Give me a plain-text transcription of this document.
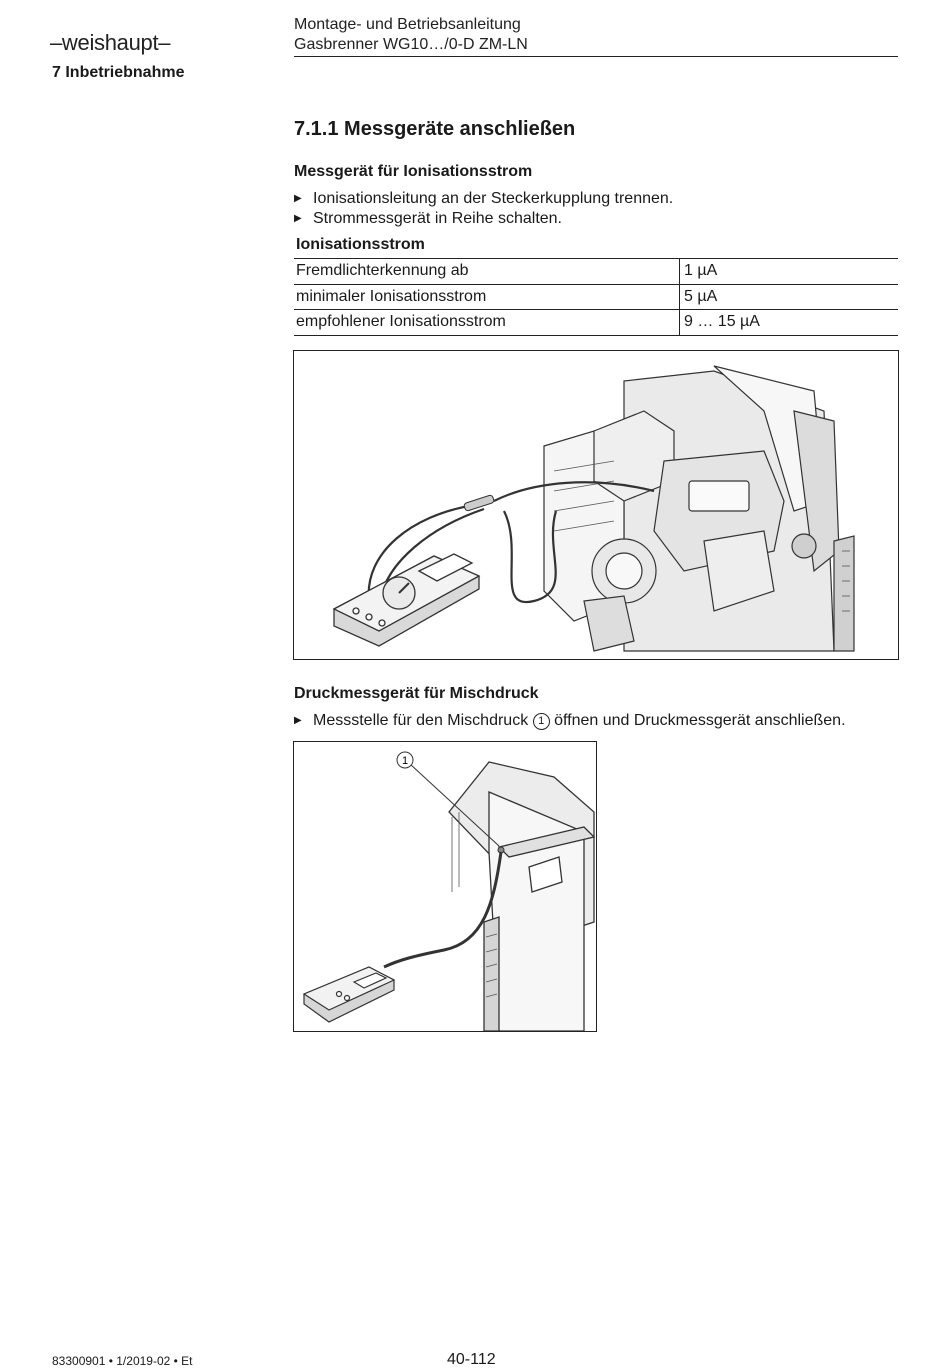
–weishaupt–
Montage- und Betriebsanleitung
Gasbrenner WG10…/0-D ZM-LN
7 Inbetriebnahme
7.1.1 Messgeräte anschließen
Messgerät für Ionisationsstrom
▶ Ionisationsleitung an der Steckerkupplung trennen.
▶ Strommessgerät in Reihe schalten.
Ionisationsstrom
Fremdlichterkennung ab	1 µA
minimaler Ionisationsstrom	5 µA
empfohlener Ionisationsstrom	9 … 15 µA
Druckmessgerät für Mischdruck
▶ Messstelle für den Mischdruck 1 öffnen und Druckmessgerät anschließen.
1
83300901 • 1/2019-02 • Et	40-112
